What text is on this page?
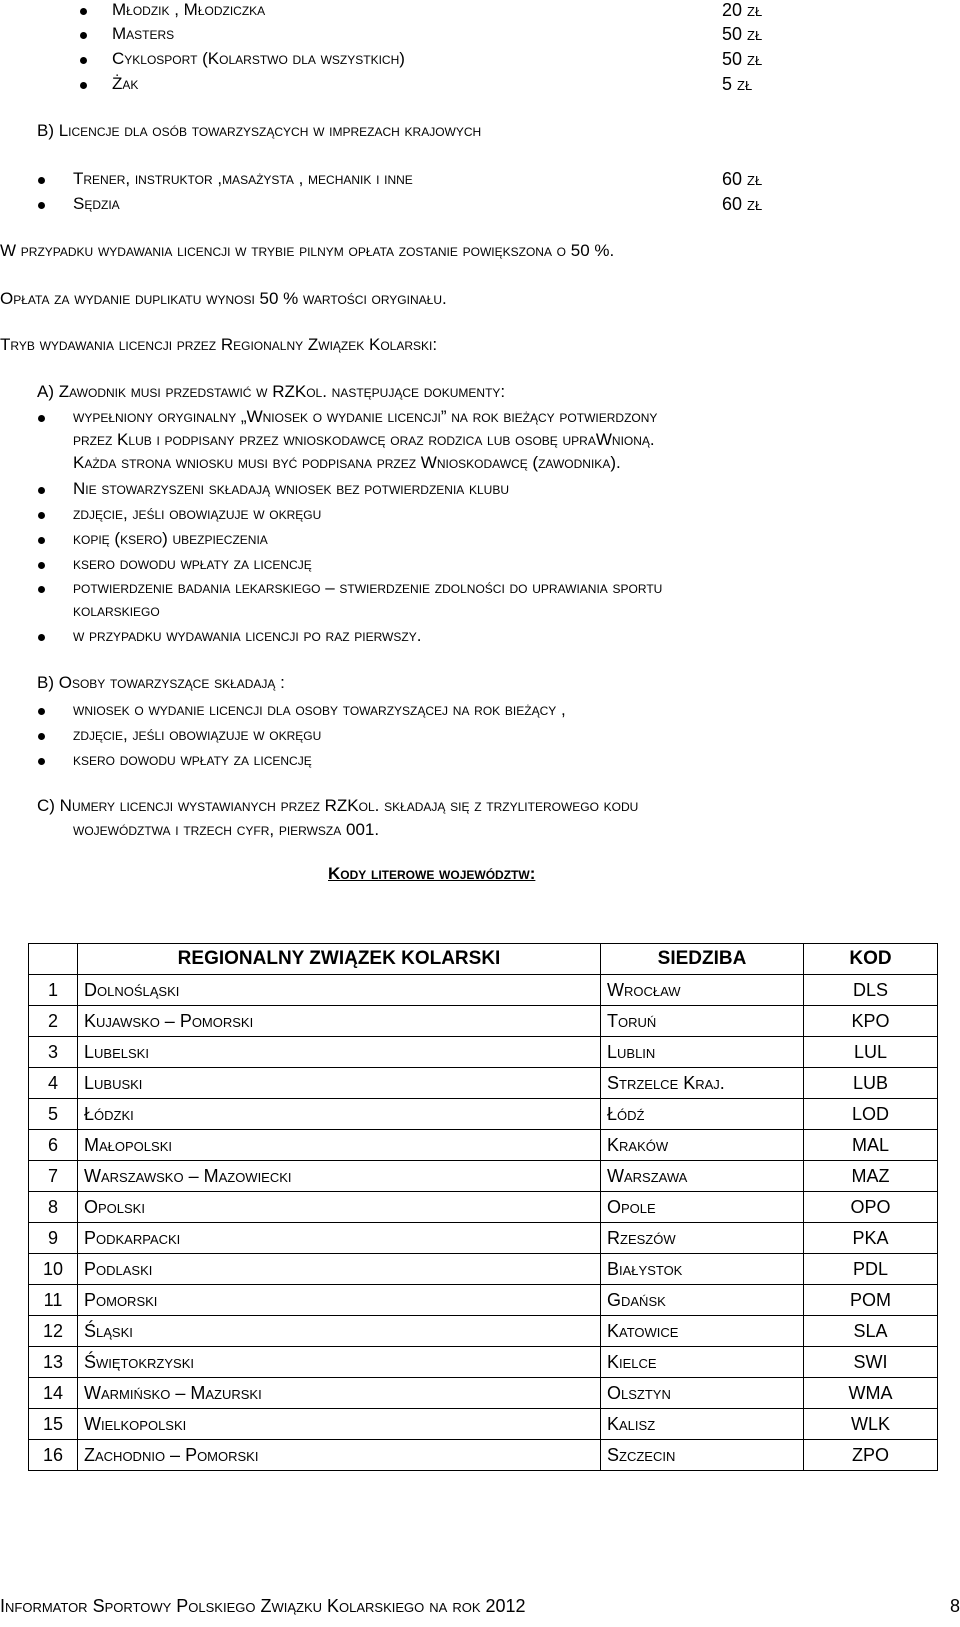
Młodzik , Młodziczka	20 zł
Masters	50 zł
Cyklosport (Kolarstwo dla wszystkich)	50 zł
Żak	5 zł
B) Licencje dla osób towarzyszących w imprezach krajowych
Trener, instruktor ,masażysta , mechanik i inne	60 zł
Sędzia	60 zł
W przypadku wydawania licencji w trybie pilnym opłata zostanie powiększona o 50 %.
Opłata za wydanie duplikatu wynosi 50 % wartości oryginału.
Tryb wydawania licencji przez Regionalny Związek Kolarski:
A) Zawodnik musi przedstawić w RZKol. następujące dokumenty:
wypełniony oryginalny „Wniosek o wydanie licencji” na rok bieżący potwierdzony
przez Klub i podpisany przez wnioskodawcę oraz rodzica lub osobę upraWnioną.
Każda strona wniosku musi być podpisana przez Wnioskodawcę (zawodnika).
Nie stowarzyszeni składają wniosek bez potwierdzenia klubu
zdjęcie, jeśli obowiązuje w okręgu
kopię (ksero) ubezpieczenia
ksero dowodu wpłaty za licencję
potwierdzenie badania lekarskiego – stwierdzenie zdolności do uprawiania sportu
kolarskiego
w przypadku wydawania licencji po raz pierwszy.
B) Osoby towarzyszące składają :
wniosek o wydanie licencji dla osoby towarzyszącej na rok bieżący ,
zdjęcie, jeśli obowiązuje w okręgu
ksero dowodu wpłaty za licencję
C) Numery licencji wystawianych przez RZKol. składają się z trzyliterowego kodu
województwa i trzech cyfr, pierwsza 001.
Kody literowe województw:
	REGIONALNY ZWIĄZEK KOLARSKI	SIEDZIBA	KOD
1	Dolnośląski	Wrocław	DLS
2	Kujawsko – Pomorski	Toruń	KPO
3	Lubelski	Lublin	LUL
4	Lubuski	Strzelce Kraj.	LUB
5	Łódzki	Łódź	LOD
6	Małopolski	Kraków	MAL
7	Warszawsko – Mazowiecki	Warszawa	MAZ
8	Opolski	Opole	OPO
9	Podkarpacki	Rzeszów	PKA
10	Podlaski	Białystok	PDL
11	Pomorski	Gdańsk	POM
12	Śląski	Katowice	SLA
13	Świętokrzyski	Kielce	SWI
14	Warmińsko – Mazurski	Olsztyn	WMA
15	Wielkopolski	Kalisz	WLK
16	Zachodnio – Pomorski	Szczecin	ZPO
Informator Sportowy Polskiego Związku Kolarskiego na rok 2012	8
